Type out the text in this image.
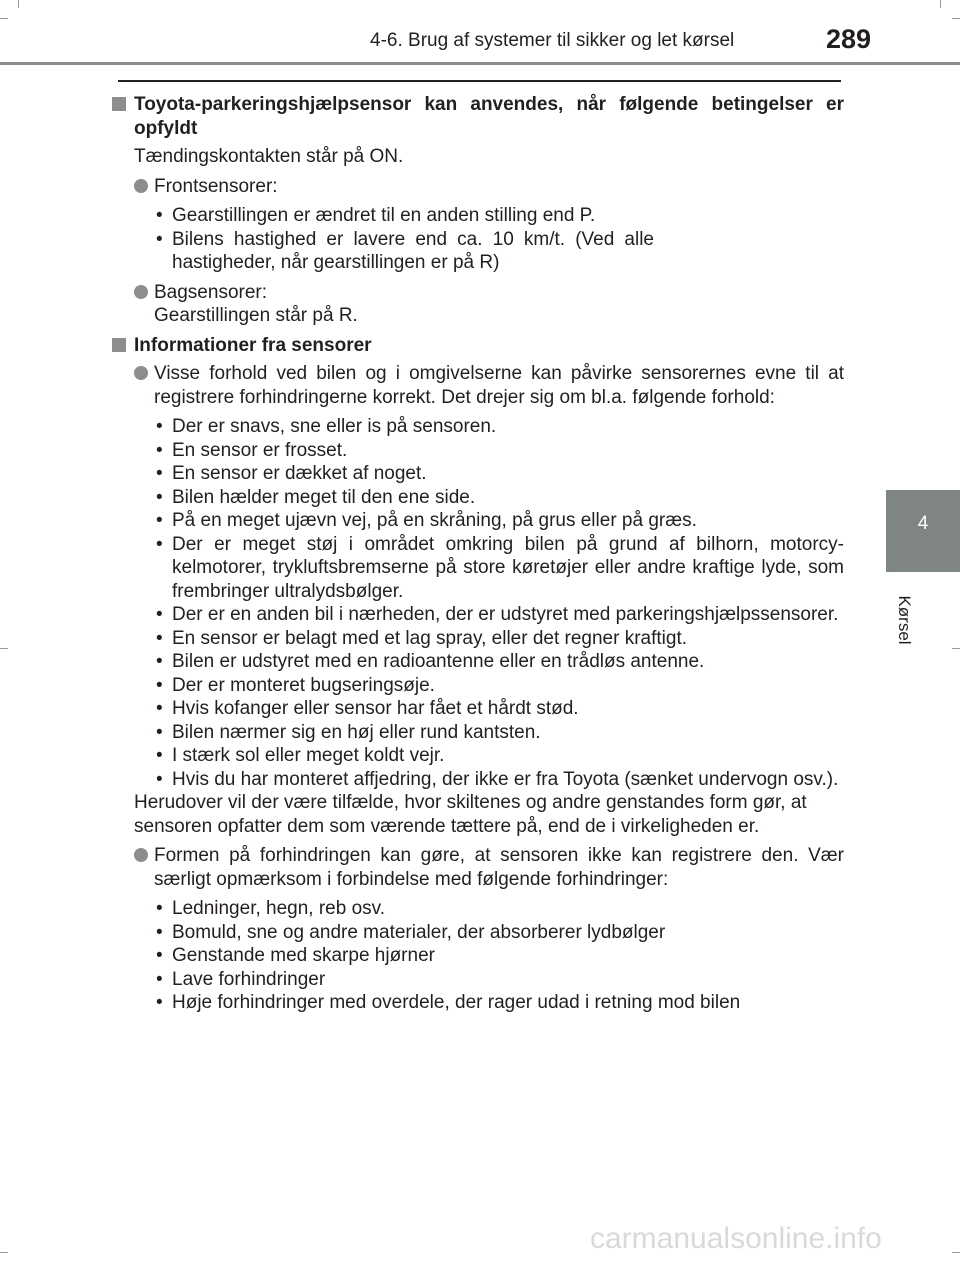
4-6. Brug af systemer til sikker og let kørsel	289
4
Kørsel
Toyota-parkeringshjælpsensor kan anvendes, når følgende betingelser er opfyldt
Tændingskontakten står på ON.
Frontsensorer:
• Gearstillingen er ændret til en anden stilling end P.
• Bilens hastighed er lavere end ca. 10 km/t. (Ved alle hastigheder, når gearstillingen er på R)
Bagsensorer:
Gearstillingen står på R.
Informationer fra sensorer
Visse forhold ved bilen og i omgivelserne kan påvirke sensorernes evne til at registrere forhindringerne korrekt. Det drejer sig om bl.a. følgende forhold:
• Der er snavs, sne eller is på sensoren.
• En sensor er frosset.
• En sensor er dækket af noget.
• Bilen hælder meget til den ene side.
• På en meget ujævn vej, på en skråning, på grus eller på græs.
• Der er meget støj i området omkring bilen på grund af bilhorn, motorcykelmotorer, trykluftsbremserne på store køretøjer eller andre kraftige lyde, som frembringer ultralydsbølger.
• Der er en anden bil i nærheden, der er udstyret med parkeringshjælpssensorer.
• En sensor er belagt med et lag spray, eller det regner kraftigt.
• Bilen er udstyret med en radioantenne eller en trådløs antenne.
• Der er monteret bugseringsøje.
• Hvis kofanger eller sensor har fået et hårdt stød.
• Bilen nærmer sig en høj eller rund kantsten.
• I stærk sol eller meget koldt vejr.
• Hvis du har monteret affjedring, der ikke er fra Toyota (sænket undervogn osv.).
Herudover vil der være tilfælde, hvor skiltenes og andre genstandes form gør, at sensoren opfatter dem som værende tættere på, end de i virkeligheden er.
Formen på forhindringen kan gøre, at sensoren ikke kan registrere den. Vær særligt opmærksom i forbindelse med følgende forhindringer:
• Ledninger, hegn, reb osv.
• Bomuld, sne og andre materialer, der absorberer lydbølger
• Genstande med skarpe hjørner
• Lave forhindringer
• Høje forhindringer med overdele, der rager udad i retning mod bilen
carmanualsonline.info
